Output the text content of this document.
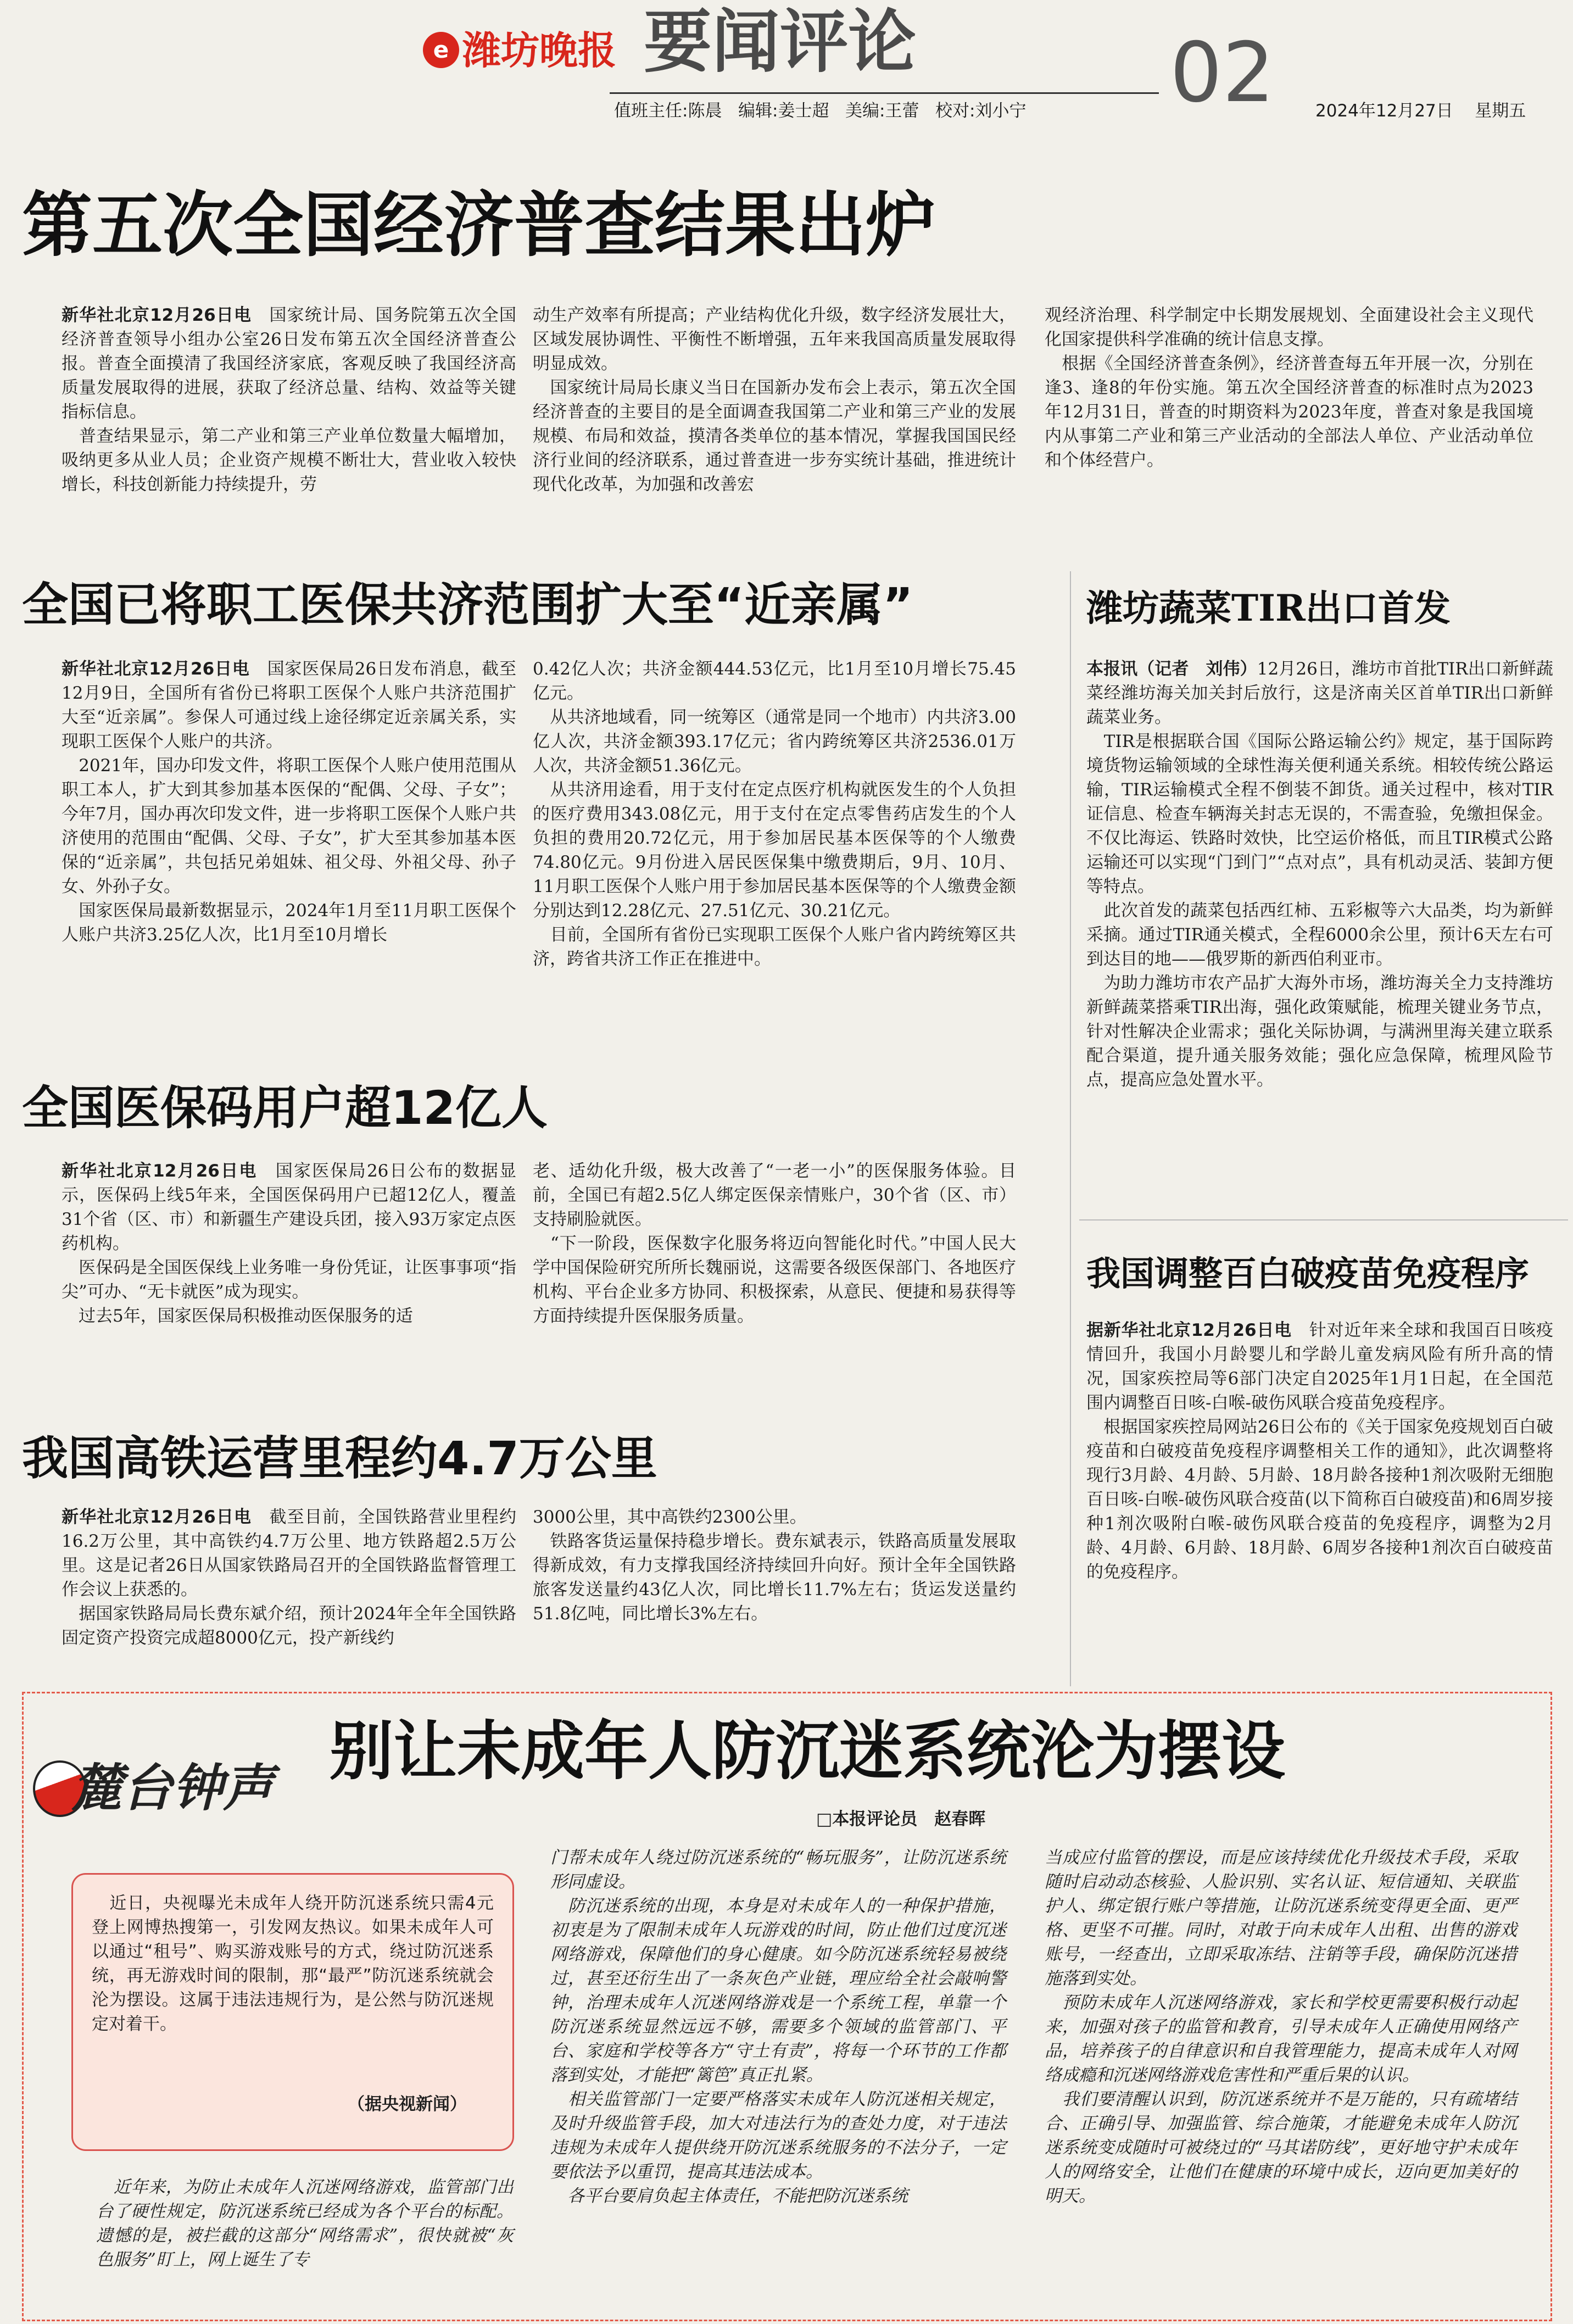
e 潍坊晚报 要闻评论
值班主任:陈晨 编辑:姜士超 美编:王蕾 校对:刘小宁 02 2024年12月27日 星期五
第五次全国经济普查结果出炉

新华社北京12月26日电　国家统计局、国务院第五次全国经济普查领导小组办公室26日发布第五次全国经济普查公报。普查全面摸清了我国经济家底，客观反映了我国经济高质量发展取得的进展，获取了经济总量、结构、效益等关键指标信息。
　普查结果显示，第二产业和第三产业单位数量大幅增加，吸纳更多从业人员；企业资产规模不断壮大，营业收入较快增长，科技创新能力持续提升，劳

动生产效率有所提高；产业结构优化升级，数字经济发展壮大，区域发展协调性、平衡性不断增强，五年来我国高质量发展取得明显成效。
　国家统计局局长康义当日在国新办发布会上表示，第五次全国经济普查的主要目的是全面调查我国第二产业和第三产业的发展规模、布局和效益，摸清各类单位的基本情况，掌握我国国民经济行业间的经济联系，通过普查进一步夯实统计基础，推进统计现代化改革，为加强和改善宏

观经济治理、科学制定中长期发展规划、全面建设社会主义现代化国家提供科学准确的统计信息支撑。
　根据《全国经济普查条例》，经济普查每五年开展一次，分别在逢3、逢8的年份实施。第五次全国经济普查的标准时点为2023年12月31日，普查的时期资料为2023年度，普查对象是我国境内从事第二产业和第三产业活动的全部法人单位、产业活动单位和个体经营户。

全国已将职工医保共济范围扩大至“近亲属”

新华社北京12月26日电　国家医保局26日发布消息，截至12月9日，全国所有省份已将职工医保个人账户共济范围扩大至“近亲属”。参保人可通过线上途径绑定近亲属关系，实现职工医保个人账户的共济。
　2021年，国办印发文件，将职工医保个人账户使用范围从职工本人，扩大到其参加基本医保的“配偶、父母、子女”；今年7月，国办再次印发文件，进一步将职工医保个人账户共济使用的范围由“配偶、父母、子女”，扩大至其参加基本医保的“近亲属”，共包括兄弟姐妹、祖父母、外祖父母、孙子女、外孙子女。
　国家医保局最新数据显示，2024年1月至11月职工医保个人账户共济3.25亿人次，比1月至10月增长

0.42亿人次；共济金额444.53亿元，比1月至10月增长75.45亿元。
　从共济地域看，同一统筹区（通常是同一个地市）内共济3.00亿人次，共济金额393.17亿元；省内跨统筹区共济2536.01万人次，共济金额51.36亿元。
　从共济用途看，用于支付在定点医疗机构就医发生的个人负担的医疗费用343.08亿元，用于支付在定点零售药店发生的个人负担的费用20.72亿元，用于参加居民基本医保等的个人缴费74.80亿元。9月份进入居民医保集中缴费期后，9月、10月、11月职工医保个人账户用于参加居民基本医保等的个人缴费金额分别达到12.28亿元、27.51亿元、30.21亿元。
　目前，全国所有省份已实现职工医保个人账户省内跨统筹区共济，跨省共济工作正在推进中。

潍坊蔬菜TIR出口首发

本报讯（记者　刘伟）12月26日，潍坊市首批TIR出口新鲜蔬菜经潍坊海关加关封后放行，这是济南关区首单TIR出口新鲜蔬菜业务。
　TIR是根据联合国《国际公路运输公约》规定，基于国际跨境货物运输领域的全球性海关便利通关系统。相较传统公路运输，TIR运输模式全程不倒装不卸货。通关过程中，核对TIR证信息、检查车辆海关封志无误的，不需查验，免缴担保金。不仅比海运、铁路时效快，比空运价格低，而且TIR模式公路运输还可以实现“门到门”“点对点”，具有机动灵活、装卸方便等特点。
　此次首发的蔬菜包括西红柿、五彩椒等六大品类，均为新鲜采摘。通过TIR通关模式，全程6000余公里，预计6天左右可到达目的地——俄罗斯的新西伯利亚市。
　为助力潍坊市农产品扩大海外市场，潍坊海关全力支持潍坊新鲜蔬菜搭乘TIR出海，强化政策赋能，梳理关键业务节点，针对性解决企业需求；强化关际协调，与满洲里海关建立联系配合渠道，提升通关服务效能；强化应急保障，梳理风险节点，提高应急处置水平。

全国医保码用户超12亿人

新华社北京12月26日电　国家医保局26日公布的数据显示，医保码上线5年来，全国医保码用户已超12亿人，覆盖31个省（区、市）和新疆生产建设兵团，接入93万家定点医药机构。
　医保码是全国医保线上业务唯一身份凭证，让医事事项“指尖”可办、“无卡就医”成为现实。
　过去5年，国家医保局积极推动医保服务的适

老、适幼化升级，极大改善了“一老一小”的医保服务体验。目前，全国已有超2.5亿人绑定医保亲情账户，30个省（区、市）支持刷脸就医。
　“下一阶段，医保数字化服务将迈向智能化时代。”中国人民大学中国保险研究所所长魏丽说，这需要各级医保部门、各地医疗机构、平台企业多方协同、积极探索，从意民、便捷和易获得等方面持续提升医保服务质量。

我国调整百白破疫苗免疫程序

据新华社北京12月26日电　针对近年来全球和我国百日咳疫情回升，我国小月龄婴儿和学龄儿童发病风险有所升高的情况，国家疾控局等6部门决定自2025年1月1日起，在全国范围内调整百日咳-白喉-破伤风联合疫苗免疫程序。
　根据国家疾控局网站26日公布的《关于国家免疫规划百白破疫苗和白破疫苗免疫程序调整相关工作的通知》，此次调整将现行3月龄、4月龄、5月龄、18月龄各接种1剂次吸附无细胞百日咳-白喉-破伤风联合疫苗(以下简称百白破疫苗)和6周岁接种1剂次吸附白喉-破伤风联合疫苗的免疫程序，调整为2月龄、4月龄、6月龄、18月龄、6周岁各接种1剂次百白破疫苗的免疫程序。

我国高铁运营里程约4.7万公里

新华社北京12月26日电　截至目前，全国铁路营业里程约16.2万公里，其中高铁约4.7万公里、地方铁路超2.5万公里。这是记者26日从国家铁路局召开的全国铁路监督管理工作会议上获悉的。
　据国家铁路局局长费东斌介绍，预计2024年全年全国铁路固定资产投资完成超8000亿元，投产新线约

3000公里，其中高铁约2300公里。
　铁路客货运量保持稳步增长。费东斌表示，铁路高质量发展取得新成效，有力支撑我国经济持续回升向好。预计全年全国铁路旅客发送量约43亿人次，同比增长11.7%左右；货运发送量约51.8亿吨，同比增长3%左右。

麓台钟声 别让未成年人防沉迷系统沦为摆设
□本报评论员　赵春晖

　近日，央视曝光未成年人绕开防沉迷系统只需4元登上网博热搜第一，引发网友热议。如果未成年人可以通过“租号”、购买游戏账号的方式，绕过防沉迷系统，再无游戏时间的限制，那“最严”防沉迷系统就会沦为摆设。这属于违法违规行为，是公然与防沉迷规定对着干。

（据央视新闻）

　近年来，为防止未成年人沉迷网络游戏，监管部门出台了硬性规定，防沉迷系统已经成为各个平台的标配。遗憾的是，被拦截的这部分“网络需求”，很快就被“灰色服务”盯上，网上诞生了专

门帮未成年人绕过防沉迷系统的“畅玩服务”，让防沉迷系统形同虚设。
　防沉迷系统的出现，本身是对未成年人的一种保护措施，初衷是为了限制未成年人玩游戏的时间，防止他们过度沉迷网络游戏，保障他们的身心健康。如今防沉迷系统轻易被绕过，甚至还衍生出了一条灰色产业链，理应给全社会敲响警钟，治理未成年人沉迷网络游戏是一个系统工程，单靠一个防沉迷系统显然远远不够，需要多个领域的监管部门、平台、家庭和学校等各方“守土有责”，将每一个环节的工作都落到实处，才能把“篱笆”真正扎紧。
　相关监管部门一定要严格落实未成年人防沉迷相关规定，及时升级监管手段，加大对违法行为的查处力度，对于违法违规为未成年人提供绕开防沉迷系统服务的不法分子，一定要依法予以重罚，提高其违法成本。
　各平台要肩负起主体责任，不能把防沉迷系统

当成应付监管的摆设，而是应该持续优化升级技术手段，采取随时启动动态核验、人脸识别、实名认证、短信通知、关联监护人、绑定银行账户等措施，让防沉迷系统变得更全面、更严格、更坚不可摧。同时，对敢于向未成年人出租、出售的游戏账号，一经查出，立即采取冻结、注销等手段，确保防沉迷措施落到实处。
　预防未成年人沉迷网络游戏，家长和学校更需要积极行动起来，加强对孩子的监管和教育，引导未成年人正确使用网络产品，培养孩子的自律意识和自我管理能力，提高未成年人对网络成瘾和沉迷网络游戏危害性和严重后果的认识。
　我们要清醒认识到，防沉迷系统并不是万能的，只有疏堵结合、正确引导、加强监管、综合施策，才能避免未成年人防沉迷系统变成随时可被绕过的“马其诺防线”，更好地守护未成年人的网络安全，让他们在健康的环境中成长，迈向更加美好的明天。
